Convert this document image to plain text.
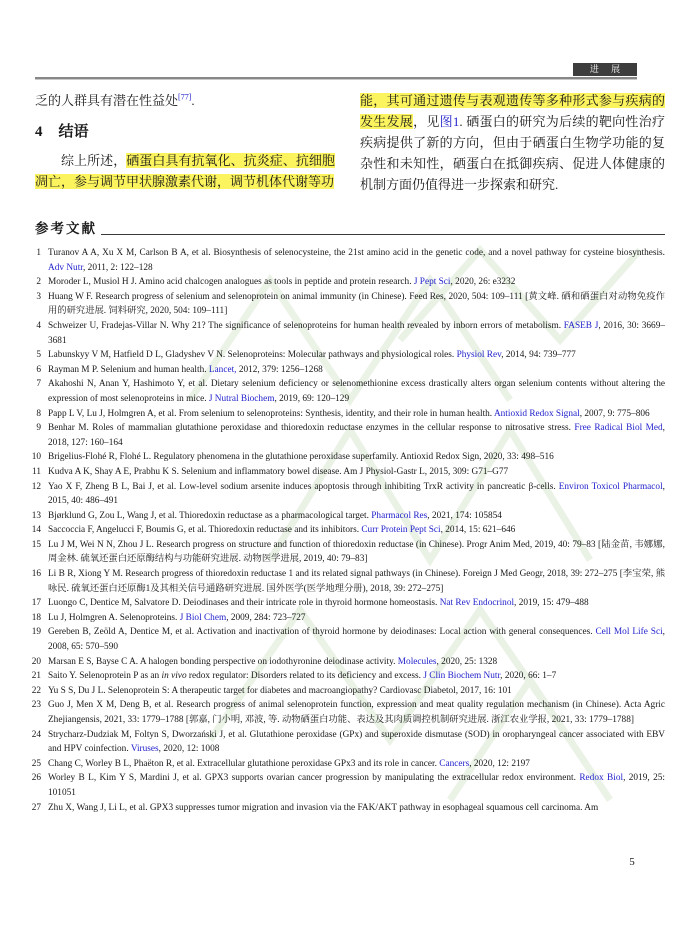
进 展

乏的人群具有潜在性益处[77].

4 结语

综上所述，硒蛋白具有抗氧化、抗炎症、抗细胞凋亡，参与调节甲状腺激素代谢，调节机体代谢等功

能，其可通过遗传与表观遗传等多种形式参与疾病的发生发展，见图1. 硒蛋白的研究为后续的靶向性治疗疾病提供了新的方向，但由于硒蛋白生物学功能的复杂性和未知性，硒蛋白在抵御疾病、促进人体健康的机制方面仍值得进一步探索和研究.

参考文献
1 Turanov A A, Xu X M, Carlson B A, et al. Biosynthesis of selenocysteine, the 21st amino acid in the genetic code, and a novel pathway for cysteine biosynthesis. Adv Nutr, 2011, 2: 122–128
2 Moroder L, Musiol H J. Amino acid chalcogen analogues as tools in peptide and protein research. J Pept Sci, 2020, 26: e3232
3 Huang W F. Research progress of selenium and selenoprotein on animal immunity (in Chinese). Feed Res, 2020, 504: 109–111 [黄文峰. 硒和硒蛋白对动物免疫作用的研究进展. 饲料研究, 2020, 504: 109–111]
4 Schweizer U, Fradejas-Villar N. Why 21? The significance of selenoproteins for human health revealed by inborn errors of metabolism. FASEB J, 2016, 30: 3669–3681
5 Labunskyy V M, Hatfield D L, Gladyshev V N. Selenoproteins: Molecular pathways and physiological roles. Physiol Rev, 2014, 94: 739–777
6 Rayman M P. Selenium and human health. Lancet, 2012, 379: 1256–1268
7 Akahoshi N, Anan Y, Hashimoto Y, et al. Dietary selenium deficiency or selenomethionine excess drastically alters organ selenium contents without altering the expression of most selenoproteins in mice. J Nutral Biochem, 2019, 69: 120–129
8 Papp L V, Lu J, Holmgren A, et al. From selenium to selenoproteins: Synthesis, identity, and their role in human health. Antioxid Redox Signal, 2007, 9: 775–806
9 Benhar M. Roles of mammalian glutathione peroxidase and thioredoxin reductase enzymes in the cellular response to nitrosative stress. Free Radical Biol Med, 2018, 127: 160–164
10 Brigelius-Flohé R, Flohé L. Regulatory phenomena in the glutathione peroxidase superfamily. Antioxid Redox Sign, 2020, 33: 498–516
11 Kudva A K, Shay A E, Prabhu K S. Selenium and inflammatory bowel disease. Am J Physiol-Gastr L, 2015, 309: G71–G77
12 Yao X F, Zheng B L, Bai J, et al. Low-level sodium arsenite induces apoptosis through inhibiting TrxR activity in pancreatic β-cells. Environ Toxicol Pharmacol, 2015, 40: 486–491
13 Bjørklund G, Zou L, Wang J, et al. Thioredoxin reductase as a pharmacological target. Pharmacol Res, 2021, 174: 105854
14 Saccoccia F, Angelucci F, Boumis G, et al. Thioredoxin reductase and its inhibitors. Curr Protein Pept Sci, 2014, 15: 621–646
15 Lu J M, Wei N N, Zhou J L. Research progress on structure and function of thioredoxin reductase (in Chinese). Progr Anim Med, 2019, 40: 79–83 [陆金苗, 韦娜娜, 周金林. 硫氧还蛋白还原酶结构与功能研究进展. 动物医学进展, 2019, 40: 79–83]
16 Li B R, Xiong Y M. Research progress of thioredoxin reductase 1 and its related signal pathways (in Chinese). Foreign J Med Geogr, 2018, 39: 272–275 [李宝荣, 熊咏民. 硫氧还蛋白还原酶1及其相关信号通路研究进展. 国外医学(医学地理分册), 2018, 39: 272–275]
17 Luongo C, Dentice M, Salvatore D. Deiodinases and their intricate role in thyroid hormone homeostasis. Nat Rev Endocrinol, 2019, 15: 479–488
18 Lu J, Holmgren A. Selenoproteins. J Biol Chem, 2009, 284: 723–727
19 Gereben B, Zeöld A, Dentice M, et al. Activation and inactivation of thyroid hormone by deiodinases: Local action with general consequences. Cell Mol Life Sci, 2008, 65: 570–590
20 Marsan E S, Bayse C A. A halogen bonding perspective on iodothyronine deiodinase activity. Molecules, 2020, 25: 1328
21 Saito Y. Selenoprotein P as an in vivo redox regulator: Disorders related to its deficiency and excess. J Clin Biochem Nutr, 2020, 66: 1–7
22 Yu S S, Du J L. Selenoprotein S: A therapeutic target for diabetes and macroangiopathy? Cardiovasc Diabetol, 2017, 16: 101
23 Guo J, Men X M, Deng B, et al. Research progress of animal selenoprotein function, expression and meat quality regulation mechanism (in Chinese). Acta Agric Zhejiangensis, 2021, 33: 1779–1788 [郭嘉, 门小明, 邓波, 等. 动物硒蛋白功能、表达及其肉质调控机制研究进展. 浙江农业学报, 2021, 33: 1779–1788]
24 Strycharz-Dudziak M, Foltyn S, Dworzański J, et al. Glutathione peroxidase (GPx) and superoxide dismutase (SOD) in oropharyngeal cancer associated with EBV and HPV coinfection. Viruses, 2020, 12: 1008
25 Chang C, Worley B L, Phaëton R, et al. Extracellular glutathione peroxidase GPx3 and its role in cancer. Cancers, 2020, 12: 2197
26 Worley B L, Kim Y S, Mardini J, et al. GPX3 supports ovarian cancer progression by manipulating the extracellular redox environment. Redox Biol, 2019, 25: 101051
27 Zhu X, Wang J, Li L, et al. GPX3 suppresses tumor migration and invasion via the FAK/AKT pathway in esophageal squamous cell carcinoma. Am
5
